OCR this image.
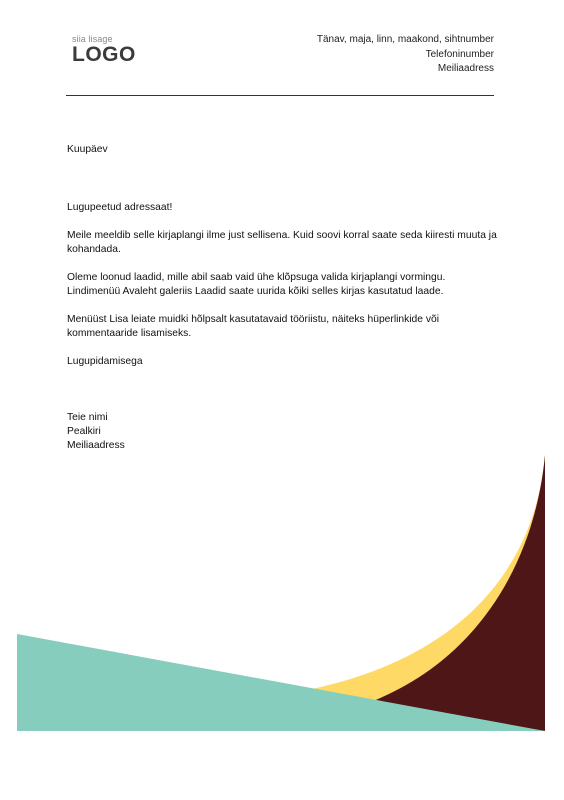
siia lisage
LOGO
Tänav, maja, linn, maakond, sihtnumber
Telefoninumber
Meiliaadress

Kuupäev

Lugupeetud adressaat!

Meile meeldib selle kirjaplangi ilme just sellisena. Kuid soovi korral saate seda kiiresti muuta ja kohandada.

Oleme loonud laadid, mille abil saab vaid ühe klõpsuga valida kirjaplangi vormingu. Lindimenüü Avaleht galeriis Laadid saate uurida kõiki selles kirjas kasutatud laade.

Menüüst Lisa leiate muidki hõlpsalt kasutatavaid tööriistu, näiteks hüperlinkide või kommentaaride lisamiseks.

Lugupidamisega

Teie nimi

Pealkiri

Meiliaadress
